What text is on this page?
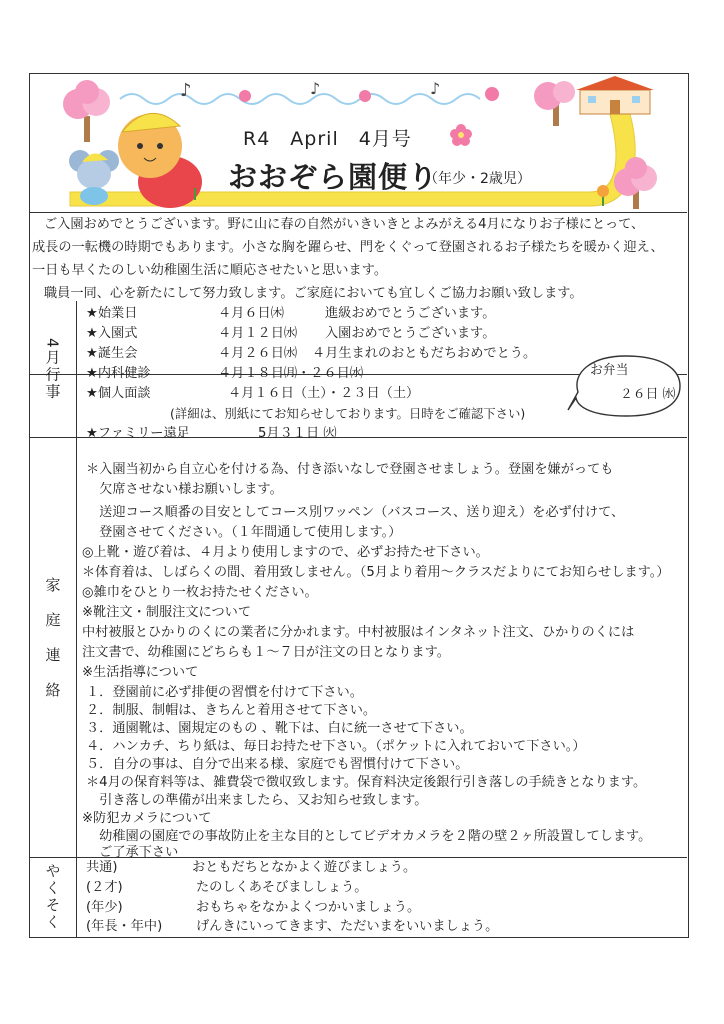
♪	♪	♪
ご入園おめでとうございます。野に山に春の自然がいきいきとよみがえる4月になりお子様にとって、
成長の一転機の時期でもあります。小さな胸を躍らせ、門をくぐって登園されるお子様たちを暖かく迎え、
一日も早くたのしい幼稚園生活に順応させたいと思います。
職員一同、心を新たにして努力致します。ご家庭においても宜しくご協力お願い致します。
4月行事
★始業日	４月６日㈭	進級おめでとうございます。
★入園式	４月１２日㈬ 入園おめでとうございます。
★誕生会	４月２６日㈬ ４月生まれのおともだちおめでとう。
★内科健診	４月１８日㈪・２６日㈬
★個人面談	４月１６日（土）・２３日（土）
(詳細は、別紙にてお知らせしております。日時をご確認下さい)
★ファミリー遠足	5月３１日 ㈫
家庭連絡
＊入園当初から自立心を付ける為、付き添いなしで登園させましょう。登園を嫌がっても
　欠席させない様お願いします。
　送迎コース順番の目安としてコース別ワッペン（バスコース、送り迎え）を必ず付けて、
　登園させてください。（１年間通して使用します。）
◎上靴・遊び着は、４月より使用しますので、必ずお持たせ下さい。
＊体育着は、しばらくの間、着用致しません。（5月より着用～クラスだよりにてお知らせします。）
◎雑巾をひとり一枚お持たせください。
※靴注文・制服注文について
中村被服とひかりのくにの業者に分かれます。中村被服はインタネット注文、ひかりのくには
注文書で、幼稚園にどちらも１～７日が注文の日となります。
※生活指導について
１．登園前に必ず排便の習慣を付けて下さい。
２．制服、制帽は、きちんと着用させて下さい。
３．通園靴は、園規定のもの 、靴下は、白に統一させて下さい。
４．ハンカチ、ちり紙は、毎日お持たせ下さい。（ポケットに入れておいて下さい。）
５．自分の事は、自分で出来る様、家庭でも習慣付けて下さい。
＊4月の保育料等は、雑費袋で徴収致します。保育料決定後銀行引き落しの手続きとなります。
　引き落しの準備が出来ましたら、又お知らせ致します。
※防犯カメラについて
　幼稚園の園庭での事故防止を主な目的としてビデオカメラを２階の壁２ヶ所設置してします。
　ご了承下さい
やくそく 共通)	おともだちとなかよく遊びましょう。
(２才)	たのしくあそびまししょう。
(年少)	おもちゃをなかよくつかいましょう。
(年長・年中)	げんきにいってきます、ただいまをいいましょう。
R4　April　4月号
おおぞら園便り
（年少・2歳児）
お弁当
２６日 ㈬
